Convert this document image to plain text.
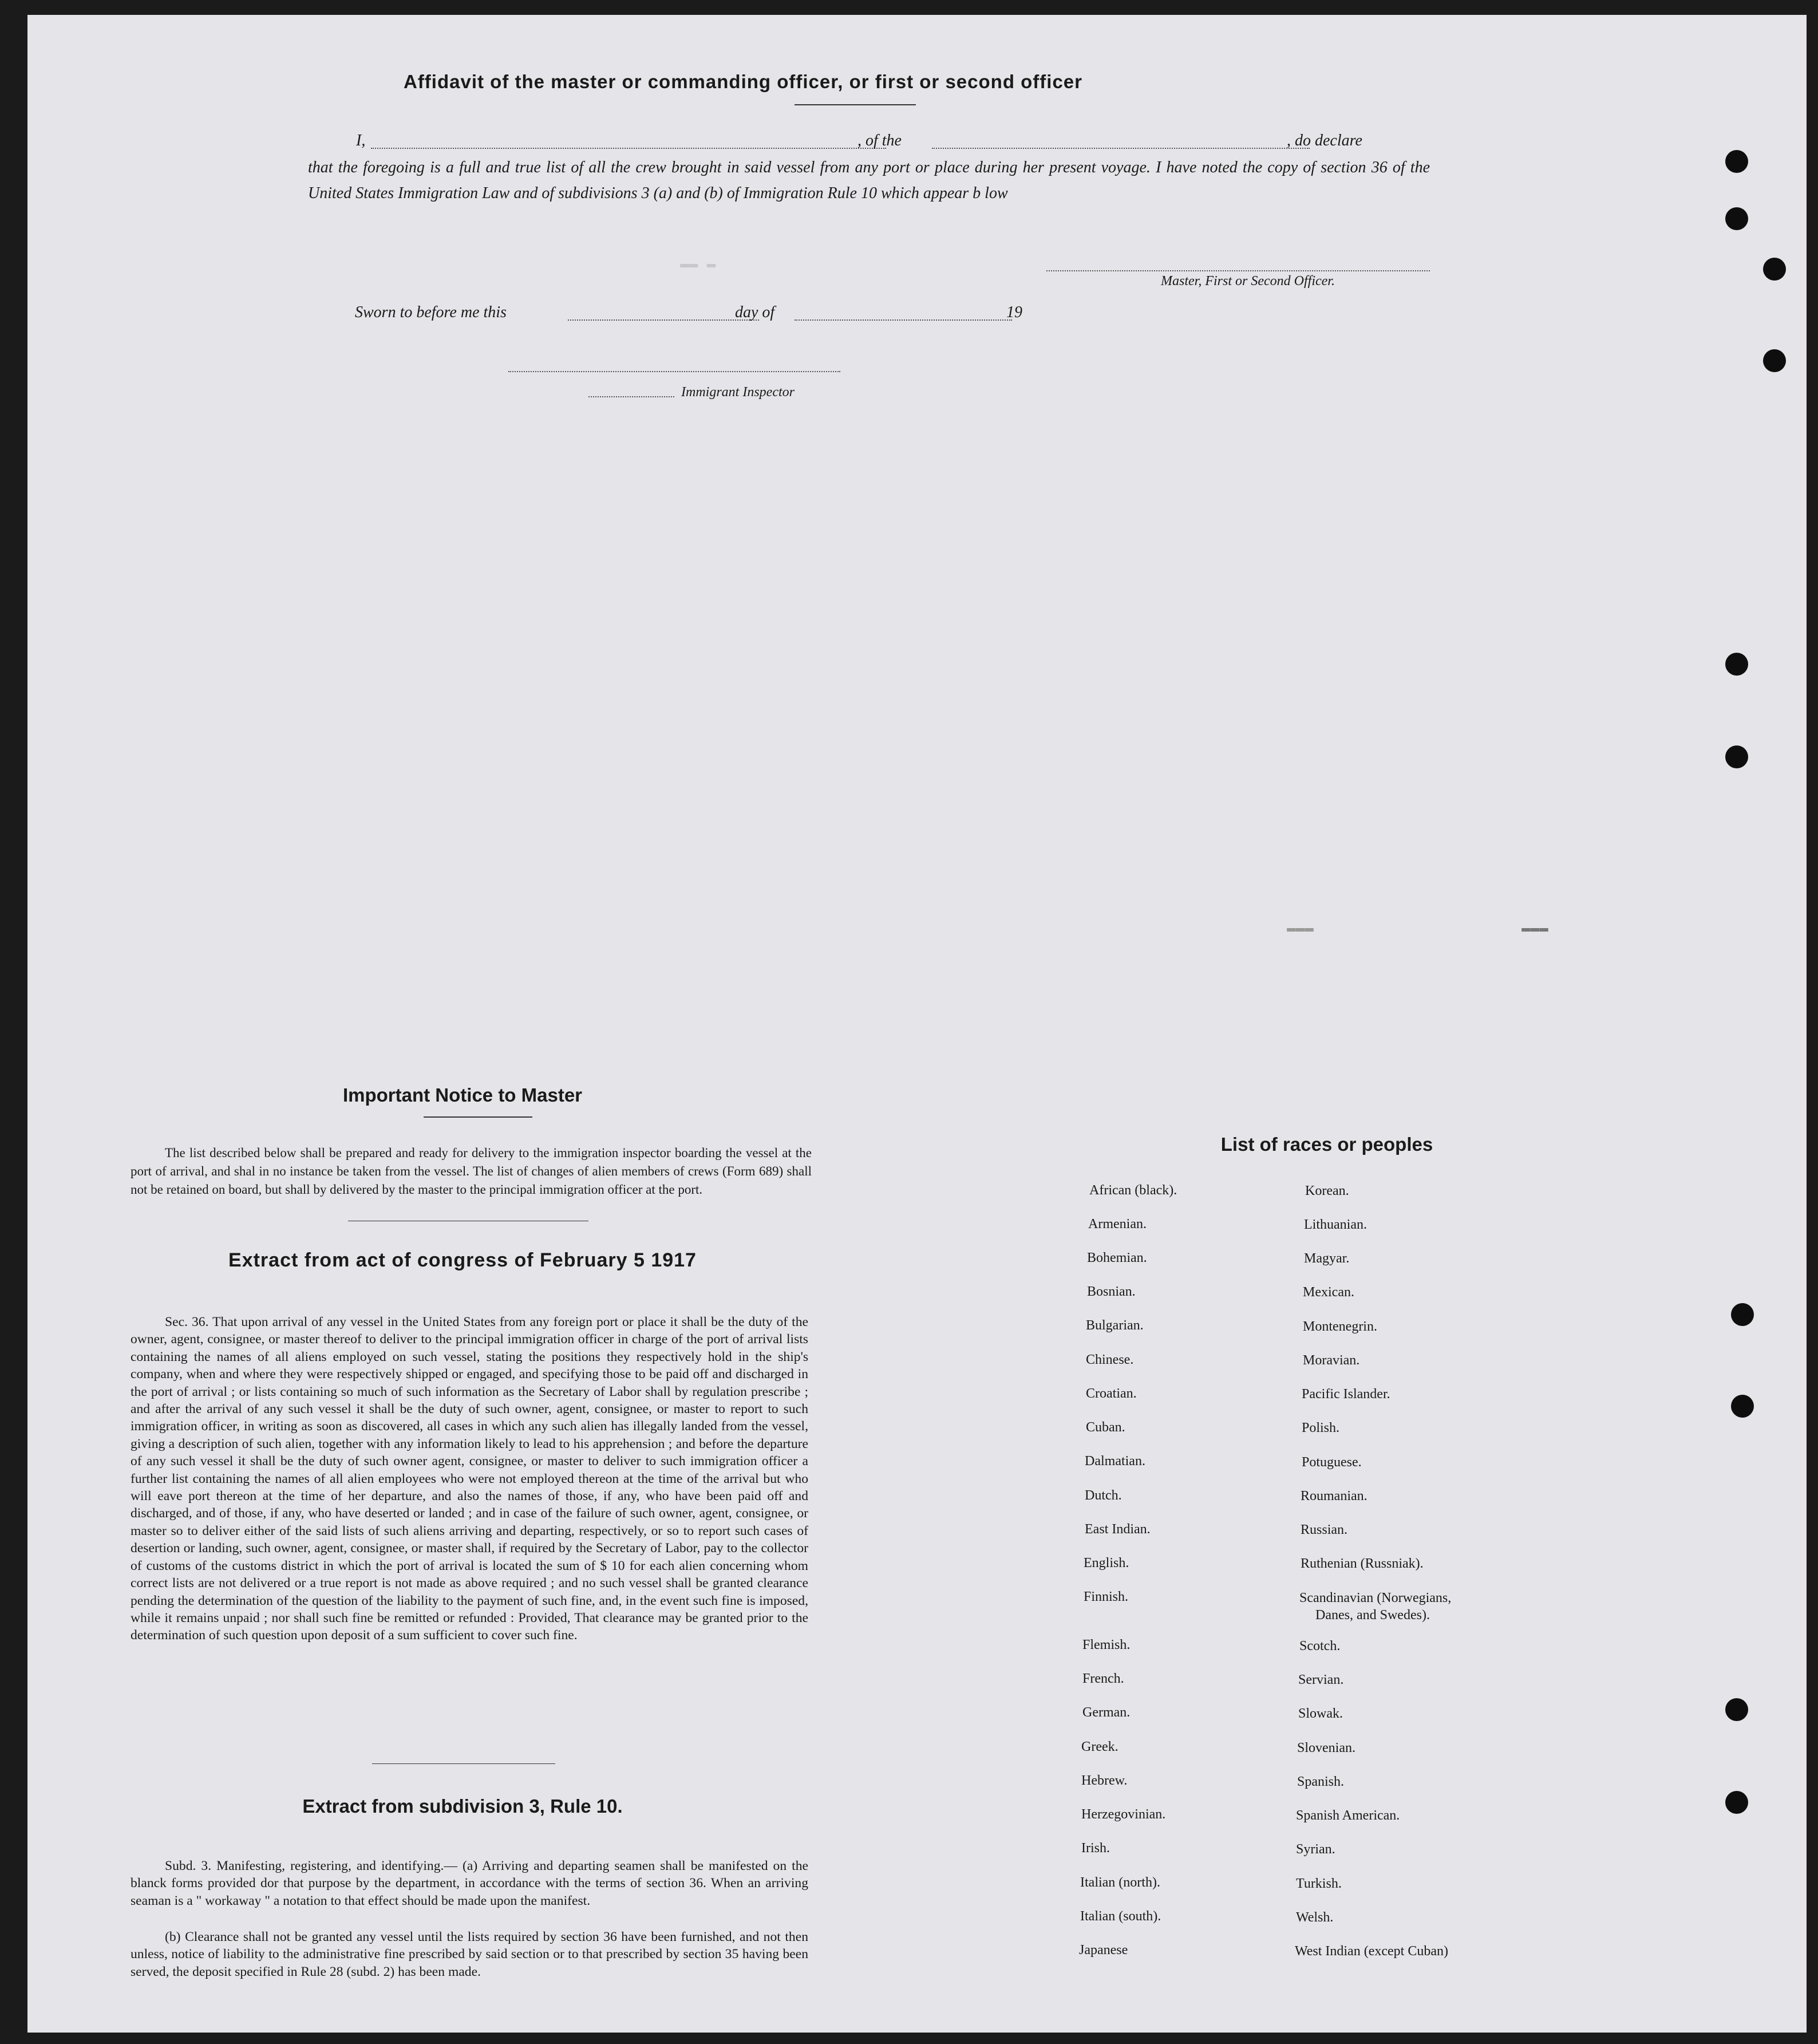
▬▬ ▬
▬▬▬	▬▬▬
Affidavit of the master or commanding officer, or first or second officer
I,	, of the	, do declare
that the foregoing is a full and true list of all the crew brought in said vessel from any port or place during her present voyage. I have noted the copy of section 36 of the United States Immigration Law and of subdivisions 3 (a) and (b) of Immigration Rule 10 which appear b low
Master, First or Second Officer.
Sworn to before me this	day of	19
Immigrant Inspector
Important Notice to Master
The list described below shall be prepared and ready for delivery to the immigration inspector boarding the vessel at the port of arrival, and shal in no instance be taken from the vessel. The list of changes of alien members of crews (Form 689) shall not be retained on board, but shall by delivered by the master to the principal immigration officer at the port.
Extract from act of congress of February 5 1917
Sec. 36. That upon arrival of any vessel in the United States from any foreign port or place it shall be the duty of the owner, agent, consignee, or master thereof to deliver to the principal immigration officer in charge of the port of arrival lists containing the names of all aliens employed on such vessel, stating the positions they respectively hold in the ship's company, when and where they were respectively shipped or engaged, and specifying those to be paid off and discharged in the port of arrival ; or lists containing so much of such information as the Secretary of Labor shall by regulation prescribe ; and after the arrival of any such vessel it shall be the duty of such owner, agent, consignee, or master to report to such immigration officer, in writing as soon as discovered, all cases in which any such alien has illegally landed from the vessel, giving a description of such alien, together with any information likely to lead to his apprehension ; and before the departure of any such vessel it shall be the duty of such owner agent, consignee, or master to deliver to such immigration officer a further list containing the names of all alien employees who were not employed thereon at the time of the arrival but who will eave port thereon at the time of her departure, and also the names of those, if any, who have been paid off and discharged, and of those, if any, who have deserted or landed ; and in case of the failure of such owner, agent, consignee, or master so to deliver either of the said lists of such aliens arriving and departing, respectively, or so to report such cases of desertion or landing, such owner, agent, consignee, or master shall, if required by the Secretary of Labor, pay to the collector of customs of the customs district in which the port of arrival is located the sum of $ 10 for each alien concerning whom correct lists are not delivered or a true report is not made as above required ; and no such vessel shall be granted clearance pending the determination of the question of the liability to the payment of such fine, and, in the event such fine is imposed, while it remains unpaid ; nor shall such fine be remitted or refunded : Provided, That clearance may be granted prior to the determination of such question upon deposit of a sum sufficient to cover such fine.
Extract from subdivision 3, Rule 10.
Subd. 3. Manifesting, registering, and identifying.— (a) Arriving and departing seamen shall be manifested on the blanck forms provided dor that purpose by the department, in accordance with the terms of section 36. When an arriving seaman is a " workaway " a notation to that effect should be made upon the manifest.
(b) Clearance shall not be granted any vessel until the lists required by section 36 have been furnished, and not then unless, notice of liability to the administrative fine prescribed by said section or to that prescribed by section 35 having been served, the deposit specified in Rule 28 (subd. 2) has been made.
List of races or peoples
African (black).
Armenian.
Bohemian.
Bosnian.
Bulgarian.
Chinese.
Croatian.
Cuban.
Dalmatian.
Dutch.
East Indian.
English.
Finnish.
Flemish.
French.
German.
Greek.
Hebrew.
Herzegovinian.
Irish.
Italian (north).
Italian (south).
Japanese
Korean.
Lithuanian.
Magyar.
Mexican.
Montenegrin.
Moravian.
Pacific Islander.
Polish.
Potuguese.
Roumanian.
Russian.
Ruthenian (Russniak).
Scandinavian (Norwegians,
Danes, and Swedes).
Scotch.
Servian.
Slowak.
Slovenian.
Spanish.
Spanish American.
Syrian.
Turkish.
Welsh.
West Indian (except Cuban)
